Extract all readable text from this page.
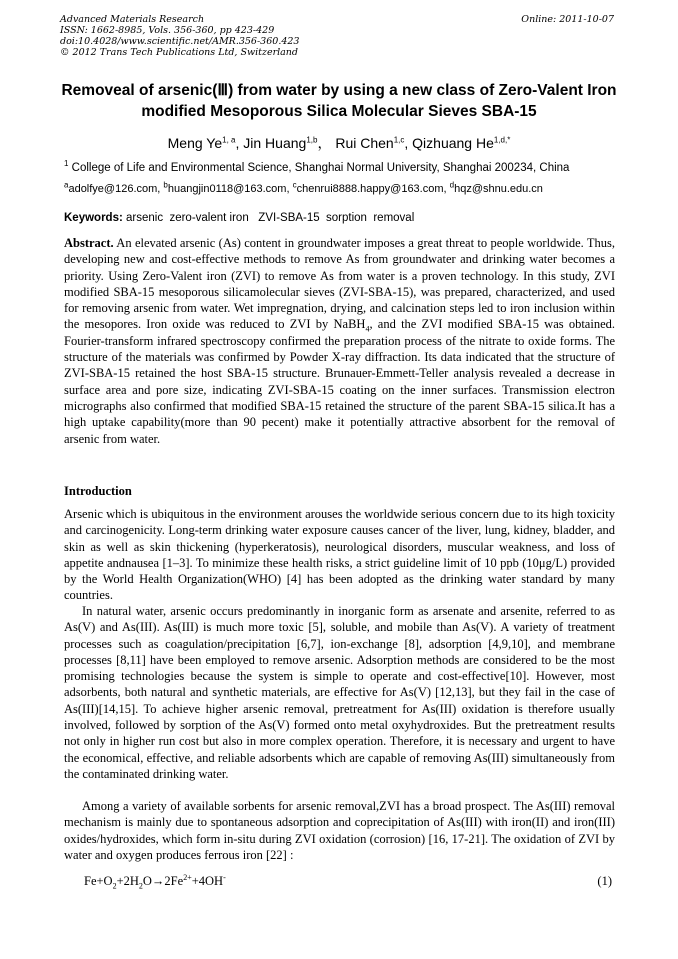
Advanced Materials Research
ISSN: 1662-8985, Vols. 356-360, pp 423-429
doi:10.4028/www.scientific.net/AMR.356-360.423
© 2012 Trans Tech Publications Ltd, Switzerland
Online: 2011-10-07
Removeal of arsenic(Ⅲ) from water by using a new class of Zero-Valent Iron modified Mesoporous Silica Molecular Sieves SBA-15
Meng Ye$^{1, a}$, Jin Huang$^{1,b}$， Rui Chen$^{1,c}$, Qizhuang $He^{1,d,*}$
$^1$ College of Life and Environmental Science, Shanghai Normal University, Shanghai 200234, China
$^a$adolfye@126.com, $^b$huangjin0118@163.com, $^c$chenrui8888.happy@163.com, $^d$hqz@shnu.edu.cn
Keywords: arsenic  zero-valent iron   ZVI-SBA-15  sorption  removal
Abstract. An elevated arsenic (As) content in groundwater imposes a great threat to people worldwide. Thus, developing new and cost-effective methods to remove As from groundwater and drinking water becomes a priority. Using Zero-Valent iron (ZVI) to remove As from water is a proven technology. In this study, ZVI modified SBA-15 mesoporous silicamolecular sieves (ZVI-SBA-15), was prepared, characterized, and used for removing arsenic from water. Wet impregnation, drying, and calcination steps led to iron inclusion within the mesopores. Iron oxide was reduced to ZVI by NaBH$_4$, and the ZVI modified SBA-15 was obtained. Fourier-transform infrared spectroscopy confirmed the preparation process of the nitrate to oxide forms. The structure of the materials was confirmed by Powder X-ray diffraction. Its data indicated that the structure of ZVI-SBA-15 retained the host SBA-15 structure. Brunauer-Emmett-Teller analysis revealed a decrease in surface area and pore size, indicating ZVI-SBA-15 coating on the inner surfaces. Transmission electron micrographs also confirmed that modified SBA-15 retained the structure of the parent SBA-15 silica.It has a high uptake capability(more than 90 pecent) make it potentially attractive absorbent for the removal of arsenic from water.
Introduction
Arsenic which is ubiquitous in the environment arouses the worldwide serious concern due to its high toxicity and carcinogenicity. Long-term drinking water exposure causes cancer of the liver, lung, kidney, bladder, and skin as well as skin thickening (hyperkeratosis), neurological disorders, muscular weakness, and loss of appetite andnausea [1–3]. To minimize these health risks, a strict guideline limit of 10 ppb (10μg/L) provided by the World Health Organization(WHO) [4] has been adopted as the drinking water standard by many countries.
In natural water, arsenic occurs predominantly in inorganic form as arsenate and arsenite, referred to as As(V) and As(III). As(III) is much more toxic [5], soluble, and mobile than As(V). A variety of treatment processes such as coagulation/precipitation [6,7], ion-exchange [8], adsorption [4,9,10], and membrane processes [8,11] have been employed to remove arsenic. Adsorption methods are considered to be the most promising technologies because the system is simple to operate and cost-effective[10]. However, most adsorbents, both natural and synthetic materials, are effective for As(V) [12,13], but they fail in the case of As(III)[14,15]. To achieve higher arsenic removal, pretreatment for As(III) oxidation is therefore usually involved, followed by sorption of the As(V) formed onto metal oxyhydroxides. But the pretreatment results not only in higher run cost but also in more complex operation. Therefore, it is necessary and urgent to have the economical, effective, and reliable adsorbents which are capable of removing As(III) simultaneously from the contaminated drinking water.
Among a variety of available sorbents for arsenic removal,ZVI has a broad prospect. The As(III) removal mechanism is mainly due to spontaneous adsorption and coprecipitation of As(III) with iron(II) and iron(III) oxides/hydroxides, which form in-situ during ZVI oxidation (corrosion) [16, 17-21]. The oxidation of ZVI by water and oxygen produces ferrous iron [22] :
$Fe+O_2+2H_2O\to 2Fe^{2+}+4OH^-$	(1)
